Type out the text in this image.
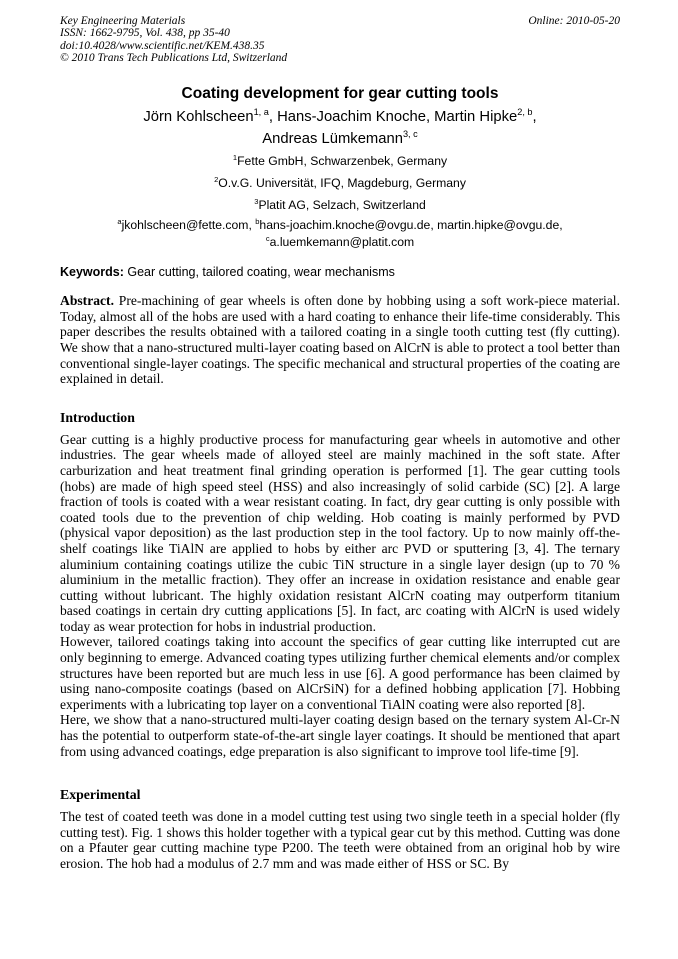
Key Engineering Materials
ISSN: 1662-9795, Vol. 438, pp 35-40
doi:10.4028/www.scientific.net/KEM.438.35
© 2010 Trans Tech Publications Ltd, Switzerland
Online: 2010-05-20
Coating development for gear cutting tools
Jörn Kohlscheen$^{1, a}$, Hans-Joachim Knoche, Martin Hipke$^{2, b}$,
Andreas Lümkemann$^{3, c}$
$^1$Fette GmbH, Schwarzenbek, Germany
$^2$O.v.G. Universität, IFQ, Magdeburg, Germany
$^3$Platit AG, Selzach, Switzerland
$^a$jkohlscheen@fette.com, $^b$hans-joachim.knoche@ovgu.de, martin.hipke@ovgu.de,
$^c$a.luemkemann@platit.com
Keywords: Gear cutting, tailored coating, wear mechanisms

Abstract. Pre-machining of gear wheels is often done by hobbing using a soft work-piece material. Today, almost all of the hobs are used with a hard coating to enhance their life-time considerably. This paper describes the results obtained with a tailored coating in a single tooth cutting test (fly cutting). We show that a nano-structured multi-layer coating based on AlCrN is able to protect a tool better than conventional single-layer coatings. The specific mechanical and structural properties of the coating are explained in detail.

Introduction

Gear cutting is a highly productive process for manufacturing gear wheels in automotive and other industries. The gear wheels made of alloyed steel are mainly machined in the soft state. After carburization and heat treatment final grinding operation is performed [1]. The gear cutting tools (hobs) are made of high speed steel (HSS) and also increasingly of solid carbide (SC) [2]. A large fraction of tools is coated with a wear resistant coating. In fact, dry gear cutting is only possible with coated tools due to the prevention of chip welding. Hob coating is mainly performed by PVD (physical vapor deposition) as the last production step in the tool factory. Up to now mainly off-the-shelf coatings like TiAlN are applied to hobs by either arc PVD or sputtering [3, 4]. The ternary aluminium containing coatings utilize the cubic TiN structure in a single layer design (up to 70 % aluminium in the metallic fraction). They offer an increase in oxidation resistance and enable gear cutting without lubricant. The highly oxidation resistant AlCrN coating may outperform titanium based coatings in certain dry cutting applications [5]. In fact, arc coating with AlCrN is used widely today as wear protection for hobs in industrial production.

However, tailored coatings taking into account the specifics of gear cutting like interrupted cut are only beginning to emerge. Advanced coating types utilizing further chemical elements and/or complex structures have been reported but are much less in use [6]. A good performance has been claimed by using nano-composite coatings (based on AlCrSiN) for a defined hobbing application [7]. Hobbing experiments with a lubricating top layer on a conventional TiAlN coating were also reported [8].

Here, we show that a nano-structured multi-layer coating design based on the ternary system Al-Cr-N has the potential to outperform state-of-the-art single layer coatings. It should be mentioned that apart from using advanced coatings, edge preparation is also significant to improve tool life-time [9].

Experimental

The test of coated teeth was done in a model cutting test using two single teeth in a special holder (fly cutting test). Fig. 1 shows this holder together with a typical gear cut by this method. Cutting was done on a Pfauter gear cutting machine type P200. The teeth were obtained from an original hob by wire erosion. The hob had a modulus of 2.7 mm and was made either of HSS or SC. By
